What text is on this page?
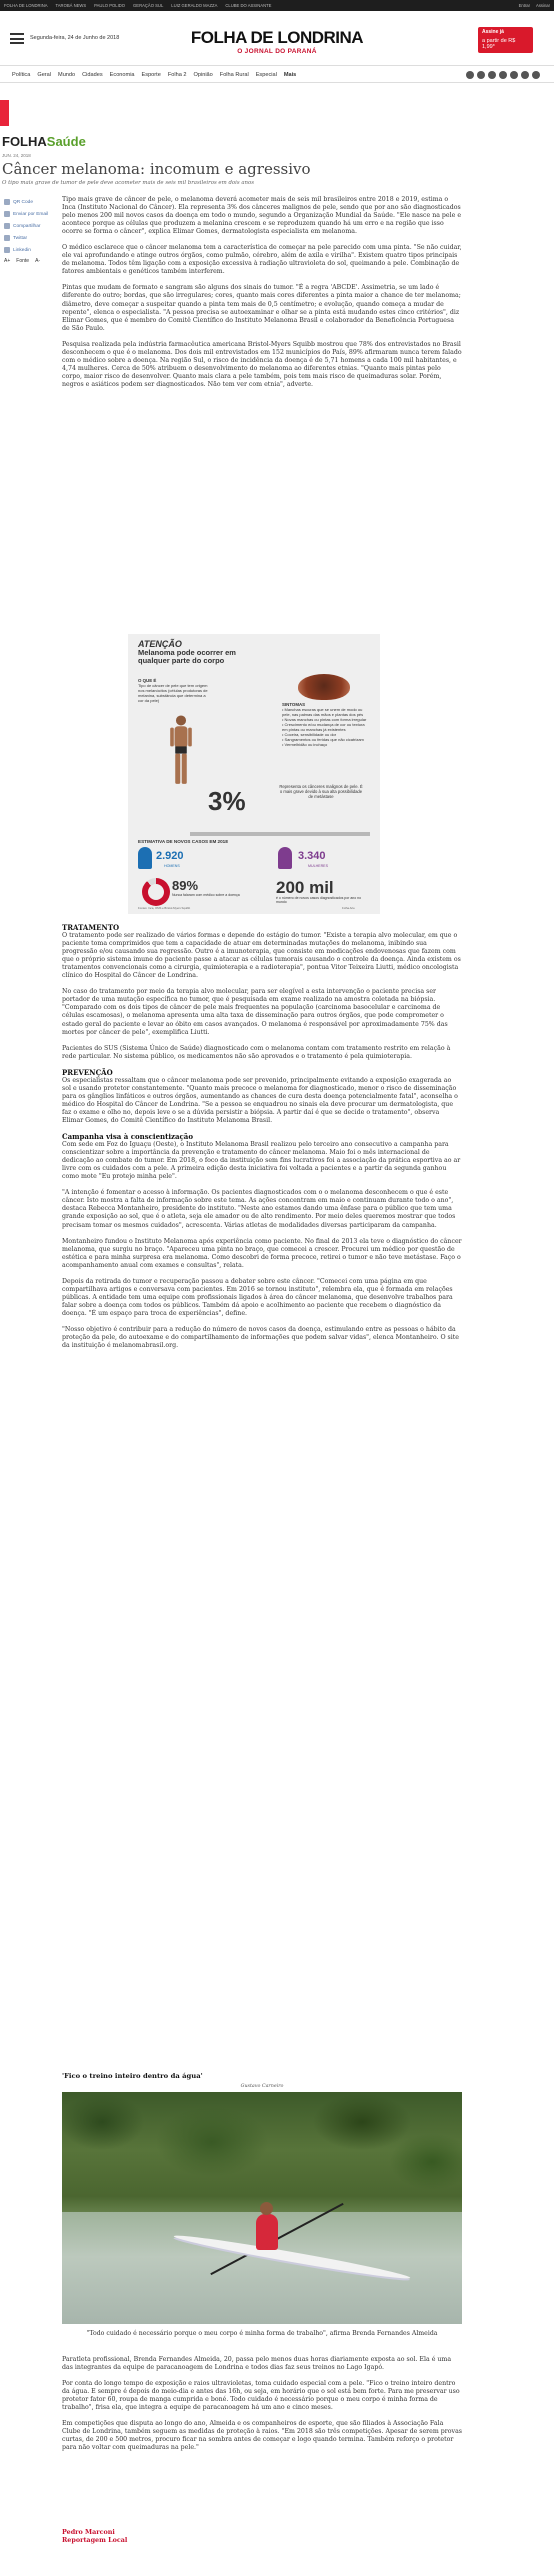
FOLHA DE LONDRINA TAROBÁ NEWS PAULO POLIDO GERAÇÃO SUL LUIZ GERALDO MAZZA CLUBE DO ASSINANTE	Entrar Assinar
Segunda-feira, 24 de Junho de 2018	FOLHA DE LONDRINA
O JORNAL DO PARANÁ
Assine já
a partir de R$ 1,99*
Política Geral Mundo Cidades Economia Esporte Folha 2 Opinião Folha Rural Especial Mais
FOLHASaúde
JUN. 24, 2018
Câncer melanoma: incomum e agressivo
O tipo mais grave de tumor de pele deve acometer mais de seis mil brasileiros em dois anos
QR Code
Enviar por Email
Compartilhar
Twittar
Linkedin
A+ Fonte A-

Tipo mais grave de câncer de pele, o melanoma deverá acometer mais de seis mil brasileiros entre 2018 e 2019, estima o Inca (Instituto Nacional do Câncer). Ela representa 3% dos cânceres malignos de pele, sendo que por ano são diagnosticados pelo menos 200 mil novos casos da doença em todo o mundo, segundo a Organização Mundial da Saúde. "Ele nasce na pele e acontece porque as células que produzem a melanina crescem e se reproduzem quando há um erro e na região que isso ocorre se forma o câncer", explica Elimar Gomes, dermatologista especialista em melanoma.

O médico esclarece que o câncer melanoma tem a característica de começar na pele parecido com uma pinta. "Se não cuidar, ele vai aprofundando e atinge outros órgãos, como pulmão, cérebro, além de axila e virilha". Existem quatro tipos principais de melanoma. Todos têm ligação com a exposição excessiva à radiação ultravioleta do sol, queimando a pele. Combinação de fatores ambientais e genéticos também interferem.

Pintas que mudam de formato e sangram são alguns dos sinais do tumor. "É a regra 'ABCDE'. Assimetria, se um lado é diferente do outro; bordas, que são irregulares; cores, quanto mais cores diferentes a pinta maior a chance de ter melanoma; diâmetro, deve começar a suspeitar quando a pinta tem mais de 0,5 centímetro; e evolução, quando começa a mudar de repente", elenca o especialista. "A pessoa precisa se autoexaminar e olhar se a pinta está mudando estes cinco critérios", diz Elimar Gomes, que é membro do Comitê Científico do Instituto Melanoma Brasil e colaborador da Beneficência Portuguesa de São Paulo.

Pesquisa realizada pela indústria farmacêutica americana Bristol-Myers Squibb mostrou que 78% dos entrevistados no Brasil desconhecem o que é o melanoma. Dos dois mil entrevistados em 152 municípios do País, 89% afirmaram nunca terem falado com o médico sobre a doença. Na região Sul, o risco de incidência da doença é de 5,71 homens a cada 100 mil habitantes, e 4,74 mulheres. Cerca de 50% atribuem o desenvolvimento do melanoma ao diferentes etnias. "Quanto mais pintas pelo corpo, maior risco de desenvolver. Quanto mais clara a pele também, pois tem mais risco de queimaduras solar. Porém, negros e asiáticos podem ser diagnosticados. Não tem ver com etnia", adverte.

ATENÇÃO
Melanoma pode ocorrer em qualquer parte do corpo
O QUE É
Tipo de câncer de pele que tem origem nos melanócitos (células produtoras de melanina, substância que determina a cor da pele)
SINTOMAS
• Manchas escuras que se unem de modo ou pele, nas palmas das mãos e plantas dos pés
• Novas manchas ou pintas com forma irregular
• Crescimento e/ou mudança de cor ou textura em pintas ou manchas já existentes
• Coceira, sensibilidade ou dor
• Sangramentos ou feridas que não cicatrizam
• Vermelhidão ou inchaço
3%	Representa os cânceres malignos de pele. É o mais grave devido à sua alta possibilidade de metástase
ESTIMATIVA DE NOVOS CASOS EM 2018
2.920
HOMENS
3.340
MULHERES
89%
Nunca falaram com médico sobre a doença 200 mil
é o número de novos casos diagnosticados por ano no mundo
Fontes: Inca, OMS e Bristol-Myers Squibb	Folha Arte

TRATAMENTO

O tratamento pode ser realizado de vários formas e depende do estágio do tumor. "Existe a terapia alvo molecular, em que o paciente toma comprimidos que tem a capacidade de atuar em determinadas mutações do melanoma, inibindo sua progressão e/ou causando sua regressão. Outro é a imunoterapia, que consiste em medicações endovenosas que fazem com que o próprio sistema imune do paciente passe a atacar as células tumorais causando o controle da doença. Ainda existem os tratamentos convencionais como a cirurgia, quimioterapia e a radioterapia", pontua Vitor Teixeira Liutti, médico oncologista clínico do Hospital do Câncer de Londrina.

No caso do tratamento por meio da terapia alvo molecular, para ser elegível a esta intervenção o paciente precisa ser portador de uma mutação específica no tumor, que é pesquisada em exame realizado na amostra coletada na biópsia. "Comparado com os dois tipos de câncer de pele mais frequentes na população (carcinoma basocelular e carcinoma de células escamosas), o melanoma apresenta uma alta taxa de disseminação para outros órgãos, que pode comprometer o estado geral do paciente e levar ao óbito em casos avançados. O melanoma é responsável por aproximadamente 75% das mortes por câncer de pele", exemplifica Liutti.

Pacientes do SUS (Sistema Único de Saúde) diagnosticado com o melanoma contam com tratamento restrito em relação à rede particular. No sistema público, os medicamentos não são aprovados e o tratamento é pela quimioterapia.

PREVENÇÃO

Os especialistas ressaltam que o câncer melanoma pode ser prevenido, principalmente evitando a exposição exagerada ao sol e usando protetor constantemente. "Quanto mais precoce o melanoma for diagnosticado, menor o risco de disseminação para os gânglios linfáticos e outros órgãos, aumentando as chances de cura desta doença potencialmente fatal", aconselha o médico do Hospital do Câncer de Londrina. "Se a pessoa se enquadrou no sinais ela deve procurar um dermatologista, que faz o exame e olho no, depois leve o se a dúvida persistir a biópsia. A partir daí é que se decide o tratamento", observa Elimar Gomes, do Comitê Científico do Instituto Melanoma Brasil.

Campanha visa à conscientização

Com sede em Foz do Iguaçu (Oeste), o Instituto Melanoma Brasil realizou pelo terceiro ano consecutivo a campanha para conscientizar sobre a importância da prevenção e tratamento do câncer melanoma. Maio foi o mês internacional de dedicação ao combate do tumor. Em 2018, o foco da instituição sem fins lucrativos foi a associação da prática esportiva ao ar livre com os cuidados com a pele. A primeira edição desta iniciativa foi voltada a pacientes e a partir da segunda ganhou como mote "Eu protejo minha pele".

"A intenção é fomentar o acesso à informação. Os pacientes diagnosticados com o o melanoma desconhecem o que é este câncer. Isto mostra a falta de informação sobre este tema. As ações concentram em maio e continuam durante todo o ano", destaca Rebecca Montanheiro, presidente do instituto. "Neste ano estamos dando uma ênfase para o público que tem uma grande exposição ao sol, que é o atleta, seja ele amador ou de alto rendimento. Por meio deles queremos mostrar que todos precisam tomar os mesmos cuidados", acrescenta. Várias atletas de modalidades diversas participaram da campanha.

Montanheiro fundou o Instituto Melanoma após experiência como paciente. No final de 2013 ela teve o diagnóstico do câncer melanoma, que surgiu no braço. "Apareceu uma pinta no braço, que comecei a crescer. Procurei um médico por questão de estética e para minha surpresa era melanoma. Como descobri de forma precoce, retirei o tumor e não teve metástase. Faço o acompanhamento anual com exames e consultas", relata.

Depois da retirada do tumor e recuperação passou a debater sobre este câncer. "Comecei com uma página em que compartilhava artigos e conversava com pacientes. Em 2016 se tornou instituto", relembra ela, que é formada em relações públicas. A entidade tem uma equipe com profissionais ligados à área do câncer melanoma, que desenvolve trabalhos para falar sobre a doença com todos os públicos. Também dá apoio e acolhimento ao paciente que recebem o diagnóstico da doença. "É um espaço para troca de experiências", define.

"Nosso objetivo é contribuir para a redução do número de novos casos da doença, estimulando entre as pessoas o hábito da proteção da pele, do autoexame e do compartilhamento de informações que podem salvar vidas", elenca Montanheiro. O site da instituição é melanomabrasil.org.

'Fico o treino inteiro dentro da água'
Gustavo Carneiro
"Todo cuidado é necessário porque o meu corpo é minha forma de trabalho", afirma Brenda Fernandes Almeida

Paratleta profissional, Brenda Fernandes Almeida, 20, passa pelo menos duas horas diariamente exposta ao sol. Ela é uma das integrantes da equipe de paracanoagem de Londrina e todos dias faz seus treinos no Lago Igapó.

Por conta do longo tempo de exposição e raios ultravioletas, toma cuidado especial com a pele. "Fico o treino inteiro dentro da água. E sempre é depois do meio-dia e antes das 16h, ou seja, em horário que o sol está bem forte. Para me preservar uso protetor fator 60, roupa de manga cumprida e boné. Todo cuidado é necessário porque o meu corpo é minha forma de trabalho", frisa ela, que integra a equipe de paracanoagem há um ano e cinco meses.

Em competições que disputa ao longo do ano, Almeida e os companheiros de esporte, que são filiados à Associação Fala Clube de Londrina, também seguem as medidas de proteção à raios. "Em 2018 são três competições. Apesar de serem provas curtas, de 200 e 500 metros, procuro ficar na sombra antes de começar e logo quando termina. Também reforço o protetor para não voltar com queimaduras na pele."

Pedro Marconi
Reportagem Local
